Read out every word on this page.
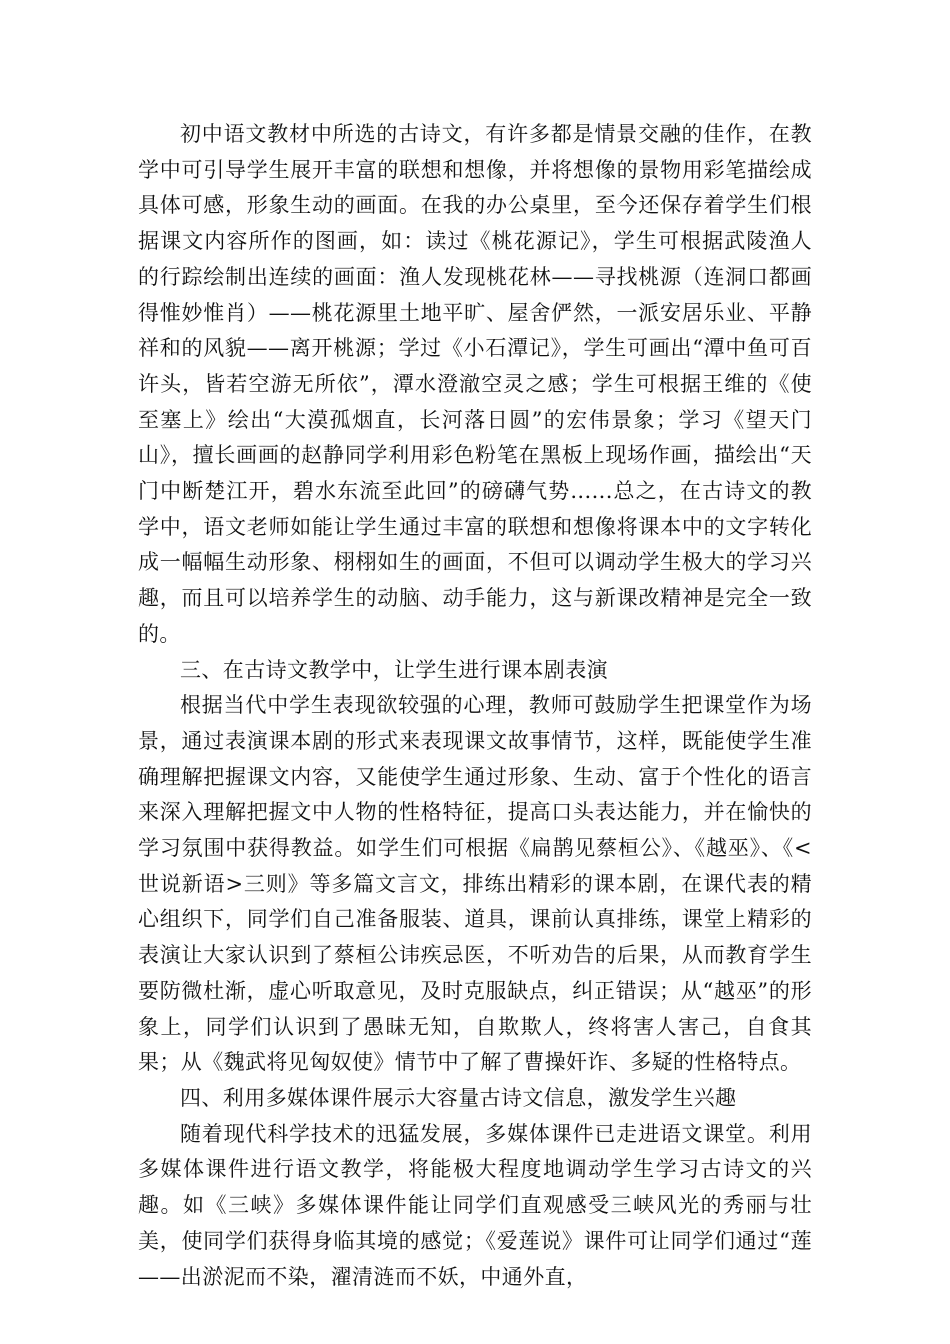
初中语文教材中所选的古诗文，有许多都是情景交融的佳作，在教学中可引导学生展开丰富的联想和想像，并将想像的景物用彩笔描绘成具体可感，形象生动的画面。在我的办公桌里，至今还保存着学生们根据课文内容所作的图画，如：读过《桃花源记》，学生可根据武陵渔人的行踪绘制出连续的画面：渔人发现桃花林——寻找桃源（连洞口都画得惟妙惟肖）——桃花源里土地平旷、屋舍俨然，一派安居乐业、平静祥和的风貌——离开桃源；学过《小石潭记》，学生可画出“潭中鱼可百许头，皆若空游无所依”，潭水澄澈空灵之感；学生可根据王维的《使至塞上》绘出“大漠孤烟直，长河落日圆”的宏伟景象；学习《望天门山》，擅长画画的赵静同学利用彩色粉笔在黑板上现场作画，描绘出“天门中断楚江开，碧水东流至此回”的磅礴气势......总之，在古诗文的教学中，语文老师如能让学生通过丰富的联想和想像将课本中的文字转化成一幅幅生动形象、栩栩如生的画面，不但可以调动学生极大的学习兴趣，而且可以培养学生的动脑、动手能力，这与新课改精神是完全一致的。

三、在古诗文教学中，让学生进行课本剧表演

根据当代中学生表现欲较强的心理，教师可鼓励学生把课堂作为场景，通过表演课本剧的形式来表现课文故事情节，这样，既能使学生准确理解把握课文内容，又能使学生通过形象、生动、富于个性化的语言来深入理解把握文中人物的性格特征，提高口头表达能力，并在愉快的学习氛围中获得教益。如学生们可根据《扁鹊见蔡桓公》、《越巫》、《<世说新语>三则》等多篇文言文，排练出精彩的课本剧，在课代表的精心组织下，同学们自己准备服装、道具，课前认真排练，课堂上精彩的表演让大家认识到了蔡桓公讳疾忌医，不听劝告的后果，从而教育学生要防微杜渐，虚心听取意见，及时克服缺点，纠正错误；从“越巫”的形象上，同学们认识到了愚昧无知，自欺欺人，终将害人害己，自食其果；从《魏武将见匈奴使》情节中了解了曹操奸诈、多疑的性格特点。

四、利用多媒体课件展示大容量古诗文信息，激发学生兴趣

随着现代科学技术的迅猛发展，多媒体课件已走进语文课堂。利用多媒体课件进行语文教学，将能极大程度地调动学生学习古诗文的兴趣。如《三峡》多媒体课件能让同学们直观感受三峡风光的秀丽与壮美，使同学们获得身临其境的感觉；《爱莲说》课件可让同学们通过“莲——出淤泥而不染，濯清涟而不妖，中通外直，
